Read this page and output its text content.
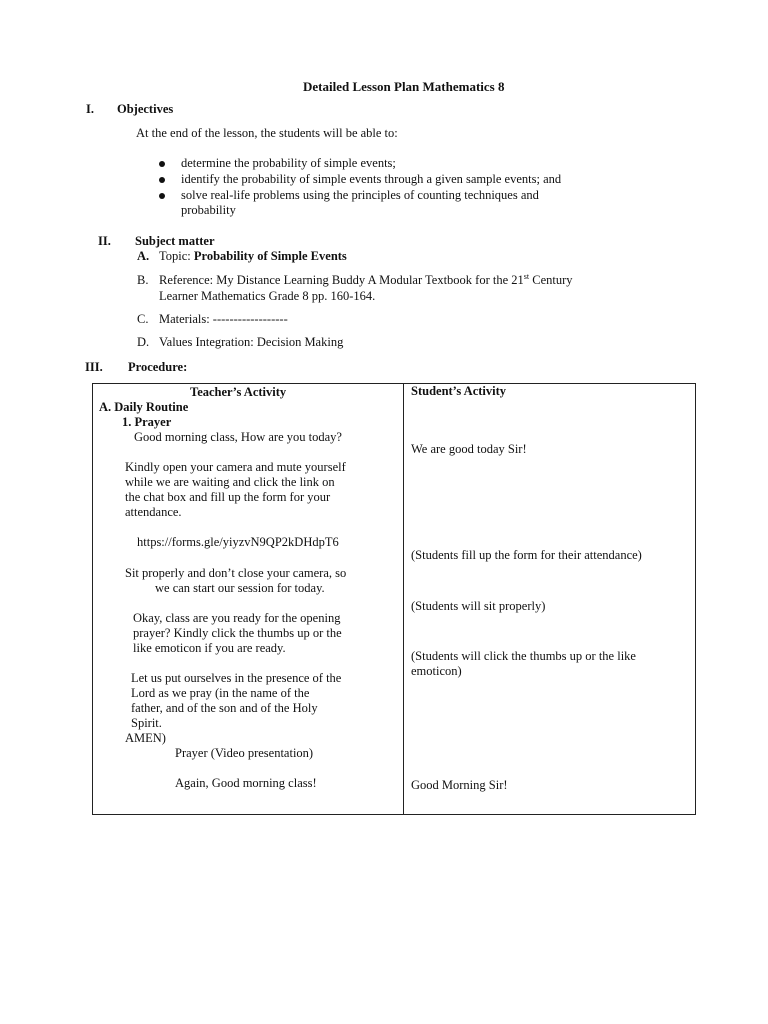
Detailed Lesson Plan Mathematics 8
I. Objectives
At the end of the lesson, the students will be able to:
determine the probability of simple events;
identify the probability of simple events through a given sample events; and
solve real-life problems using the principles of counting techniques and
probability
II. Subject matter
A. Topic: Probability of Simple Events
B. Reference: My Distance Learning Buddy A Modular Textbook for the 21st Century
Learner Mathematics Grade 8 pp. 160-164.
C. Materials: ------------------
D. Values Integration: Decision Making
III. Procedure:
Teacher’s Activity	Student’s Activity
A. Daily Routine
1. Prayer
Good morning class, How are you today?
Kindly open your camera and mute yourself
while we are waiting and click the link on
the chat box and fill up the form for your
attendance.
https://forms.gle/yiyzvN9QP2kDHdpT6
Sit properly and don’t close your camera, so
we can start our session for today.
Okay, class are you ready for the opening
prayer? Kindly click the thumbs up or the
like emoticon if you are ready.
Let us put ourselves in the presence of the
Lord as we pray (in the name of the
father, and of the son and of the Holy
Spirit.
AMEN)
Prayer (Video presentation)
Again, Good morning class!
We are good today Sir!
(Students fill up the form for their attendance)
(Students will sit properly)
(Students will click the thumbs up or the like
emoticon)
Good Morning Sir!
